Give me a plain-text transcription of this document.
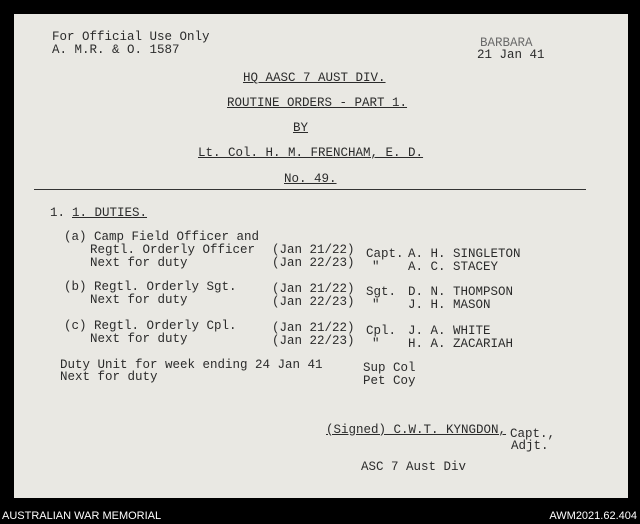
For Official Use Only
A. M.R. & O. 1587	BARBARA
21 Jan 41
HQ AASC 7 AUST DIV.
ROUTINE ORDERS - PART 1.
BY
Lt. Col. H. M. FRENCHAM, E. D.
No. 49.
1. 1. DUTIES.
(a) Camp Field Officer and
Regtl. Orderly Officer
Next for duty
(Jan 21/22)
(Jan 22/23)
Capt.
"
A. H. SINGLETON
A. C. STACEY
(b) Regtl. Orderly Sgt.
Next for duty
(Jan 21/22)
(Jan 22/23)
Sgt.
"
D. N. THOMPSON
J. H. MASON
(c) Regtl. Orderly Cpl.
Next for duty
(Jan 21/22)
(Jan 22/23)
Cpl.
"
J. A. WHITE
H. A. ZACARIAH
Duty Unit for week ending 24 Jan 41
Next for duty
Sup Col
Pet Coy
(Signed) C.W.T. KYNGDON, Capt.,
Adjt.
ASC 7 Aust Div
AUSTRALIAN WAR MEMORIAL	AWM2021.62.404
